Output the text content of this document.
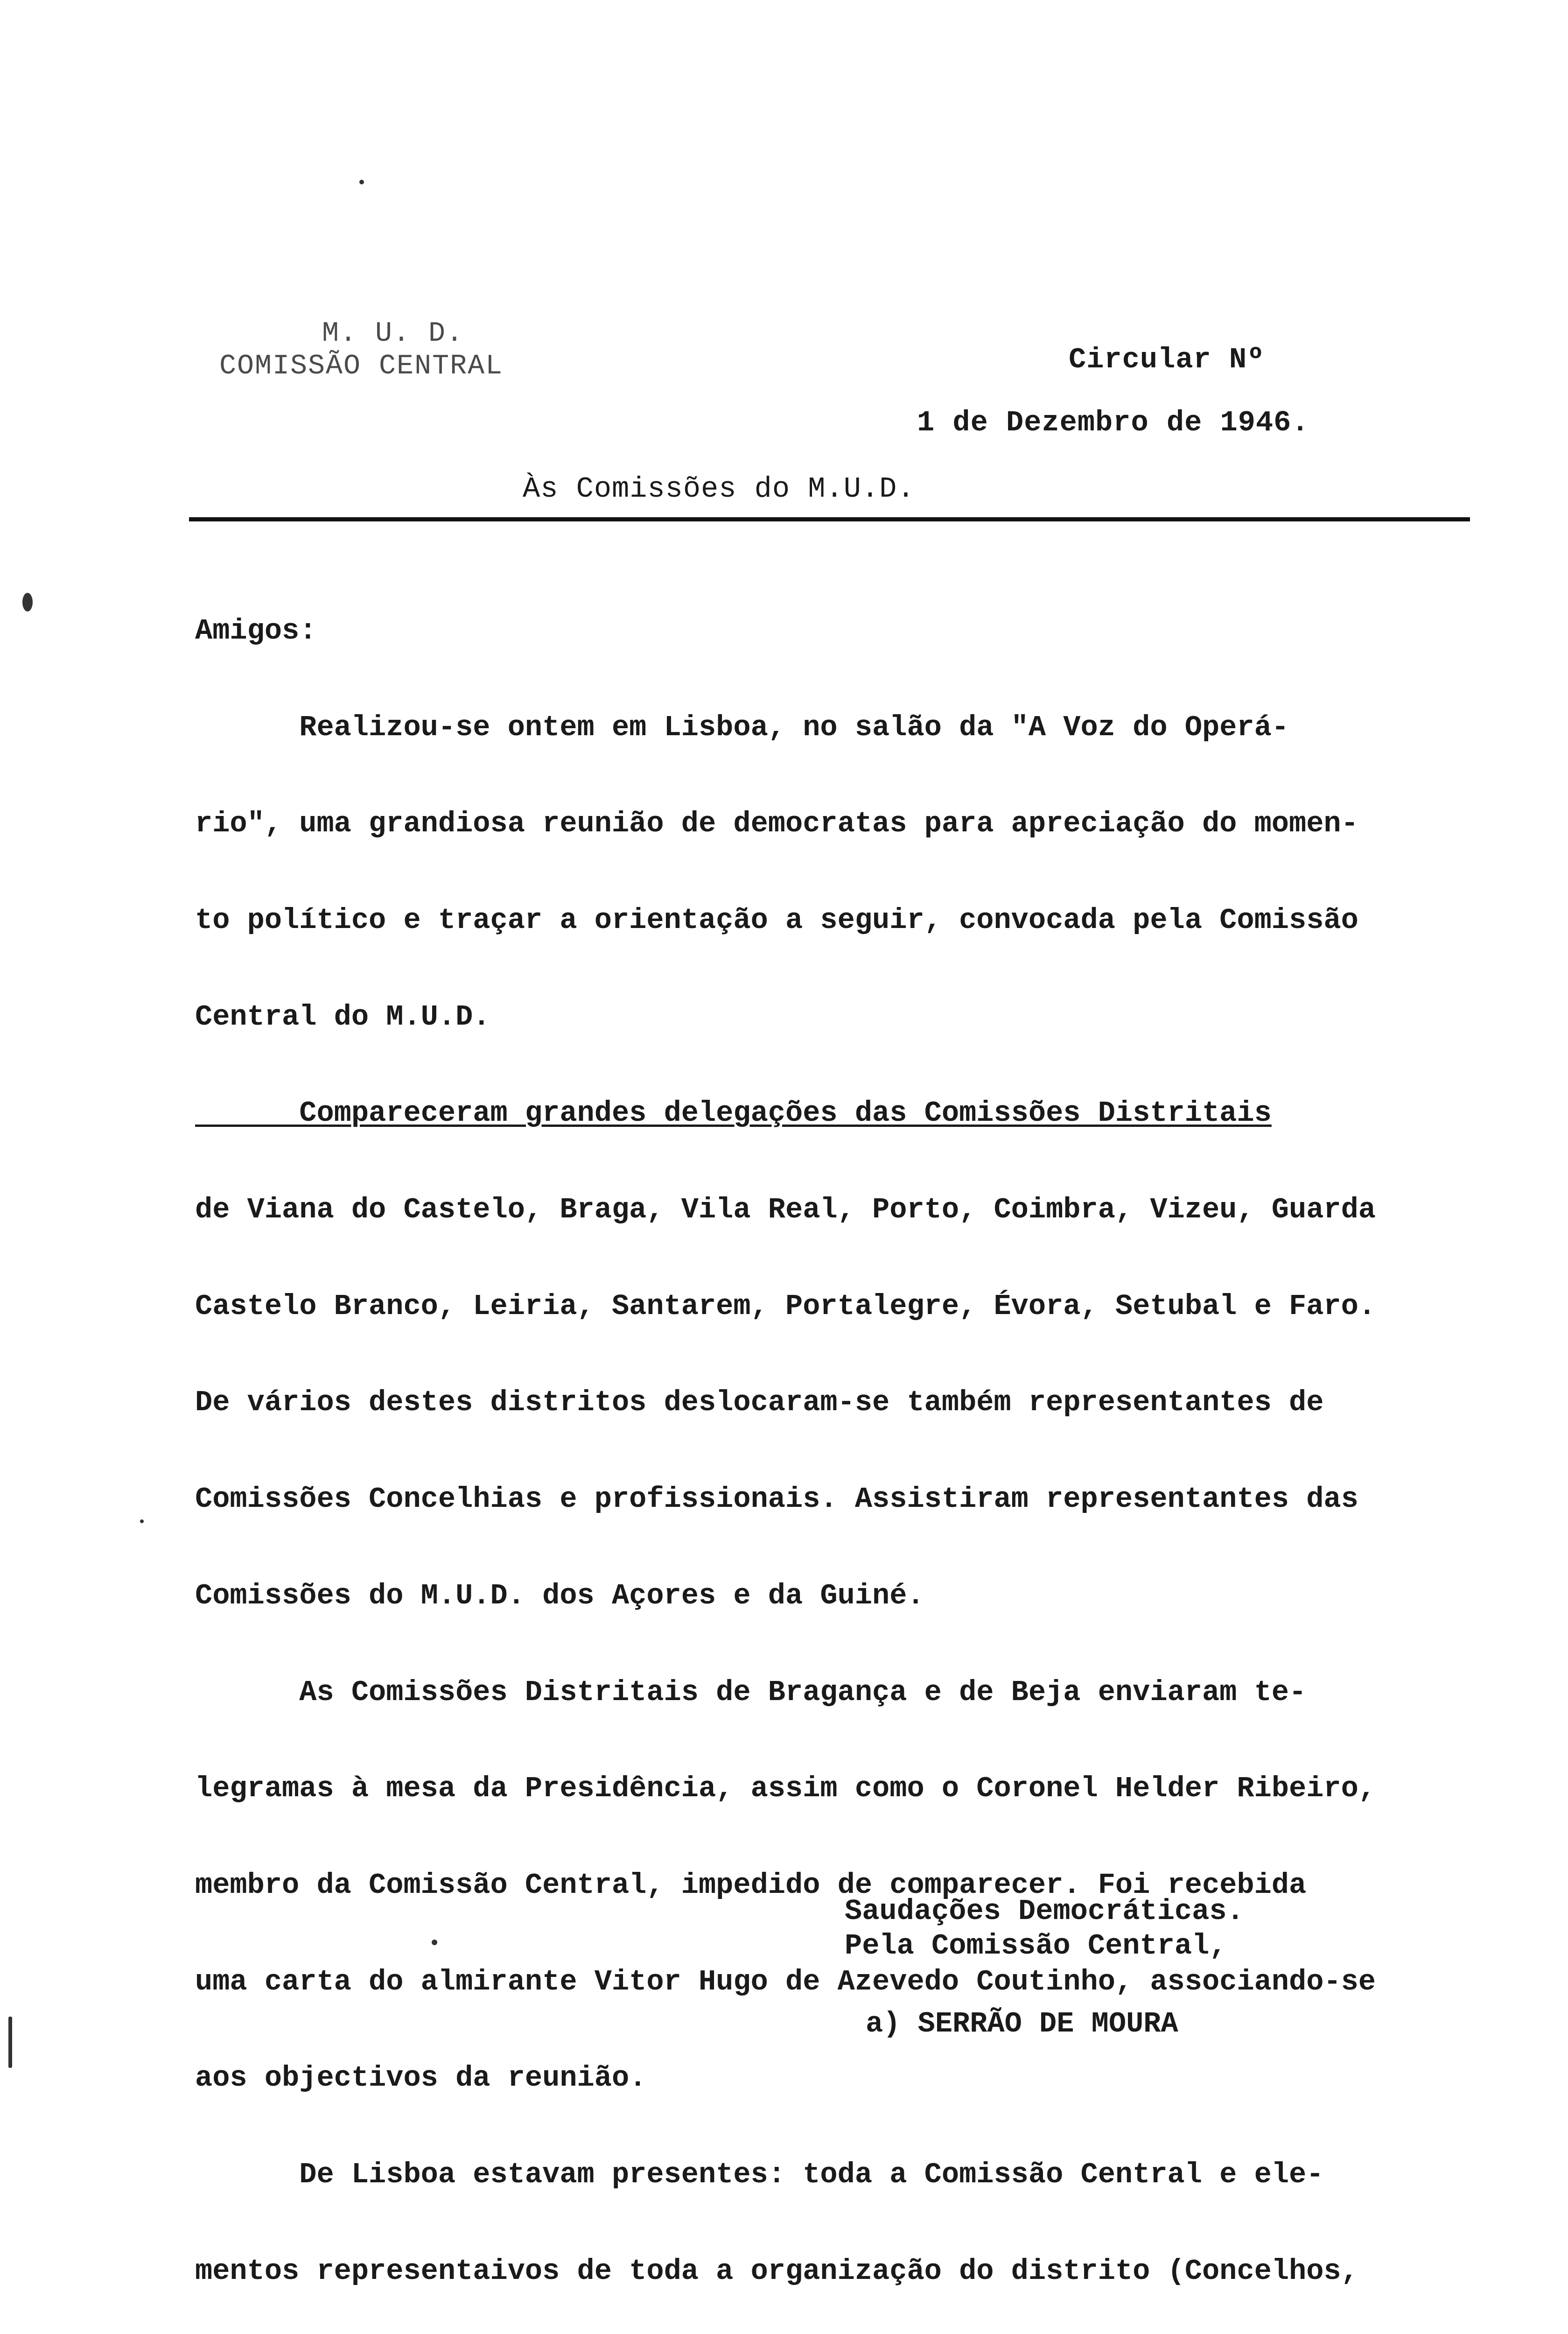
M. U. D.
COMISSÃO CENTRAL	Circular Nº
1 de Dezembro de 1946.
Às Comissões do M.U.D.

Amigos:

Realizou-se ontem em Lisboa, no salão da "A Voz do Operá-

rio", uma grandiosa reunião de democratas para apreciação do momen-

to político e traçar a orientação a seguir, convocada pela Comissão

Central do M.U.D.

Compareceram grandes delegações das Comissões Distritais

de Viana do Castelo, Braga, Vila Real, Porto, Coimbra, Vizeu, Guarda

Castelo Branco, Leiria, Santarem, Portalegre, Évora, Setubal e Faro.

De vários destes distritos deslocaram-se também representantes de

Comissões Concelhias e profissionais. Assistiram representantes das

Comissões do M.U.D. dos Açores e da Guiné.

As Comissões Distritais de Bragança e de Beja enviaram te-

legramas à mesa da Presidência, assim como o Coronel Helder Ribeiro,

membro da Comissão Central, impedido de comparecer. Foi recebida

uma carta do almirante Vitor Hugo de Azevedo Coutinho, associando-se

aos objectivos da reunião.

De Lisboa estavam presentes: toda a Comissão Central e ele-

mentos representaivos de toda a organização do distrito (Concelhos,

Saudações Democráticas.
Pela Comissão Central,
a) SERRÃO DE MOURA
